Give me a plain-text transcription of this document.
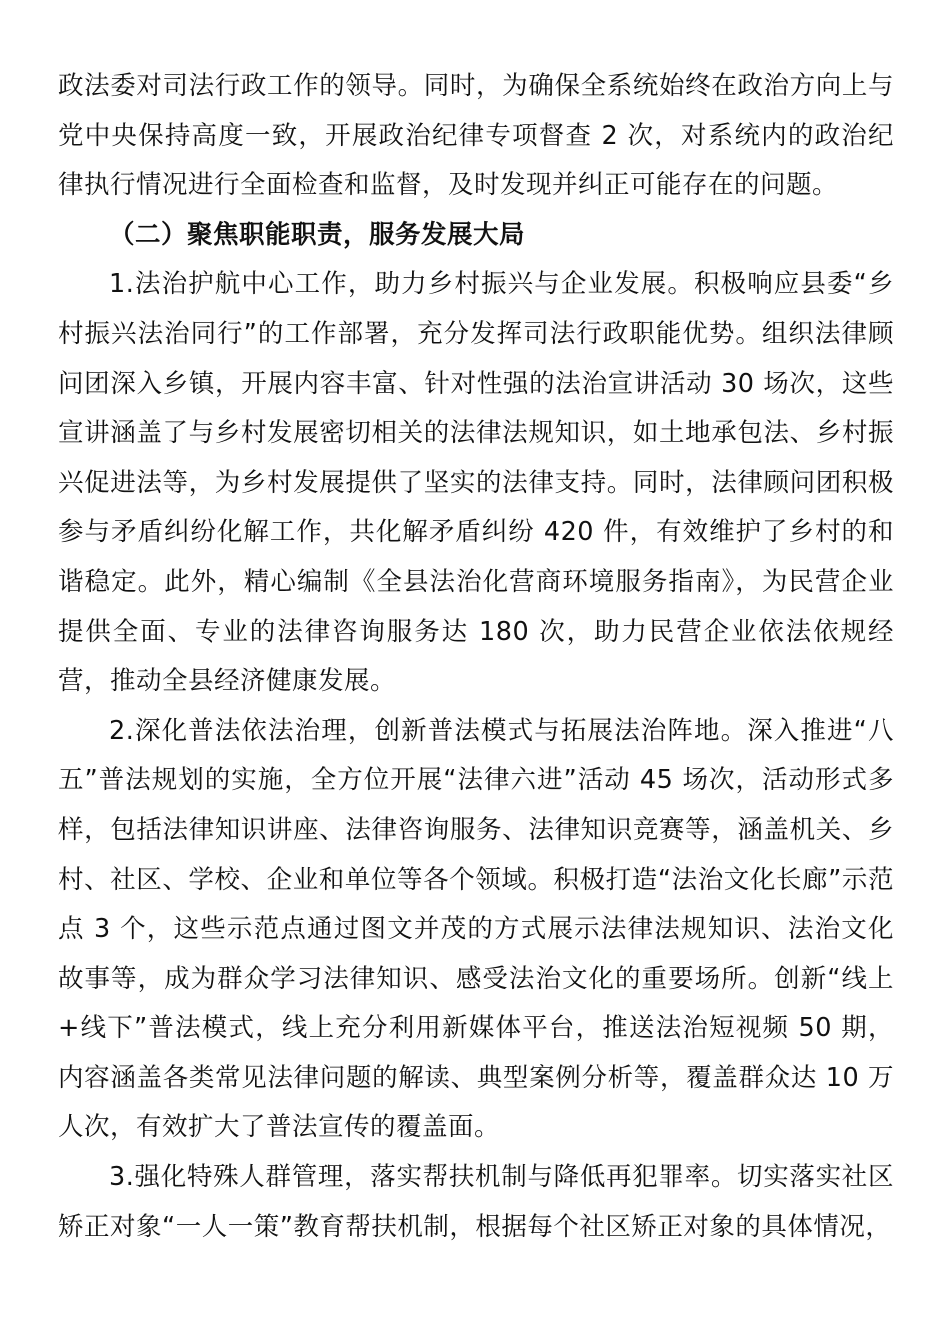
政法委对司法行政工作的领导。同时，为确保全系统始终在政治方向上与党中央保持高度一致，开展政治纪律专项督查 2 次，对系统内的政治纪律执行情况进行全面检查和监督，及时发现并纠正可能存在的问题。

（二）聚焦职能职责，服务发展大局

1.法治护航中心工作，助力乡村振兴与企业发展。积极响应县委“乡村振兴法治同行”的工作部署，充分发挥司法行政职能优势。组织法律顾问团深入乡镇，开展内容丰富、针对性强的法治宣讲活动 30 场次，这些宣讲涵盖了与乡村发展密切相关的法律法规知识，如土地承包法、乡村振兴促进法等，为乡村发展提供了坚实的法律支持。同时，法律顾问团积极参与矛盾纠纷化解工作，共化解矛盾纠纷 420 件，有效维护了乡村的和谐稳定。此外，精心编制《全县法治化营商环境服务指南》，为民营企业提供全面、专业的法律咨询服务达 180 次，助力民营企业依法依规经营，推动全县经济健康发展。

2.深化普法依法治理，创新普法模式与拓展法治阵地。深入推进“八五”普法规划的实施，全方位开展“法律六进”活动 45 场次，活动形式多样，包括法律知识讲座、法律咨询服务、法律知识竞赛等，涵盖机关、乡村、社区、学校、企业和单位等各个领域。积极打造“法治文化长廊”示范点 3 个，这些示范点通过图文并茂的方式展示法律法规知识、法治文化故事等，成为群众学习法律知识、感受法治文化的重要场所。创新“线上+线下”普法模式，线上充分利用新媒体平台，推送法治短视频 50 期，内容涵盖各类常见法律问题的解读、典型案例分析等，覆盖群众达 10 万人次，有效扩大了普法宣传的覆盖面。

3.强化特殊人群管理，落实帮扶机制与降低再犯罪率。切实落实社区矫正对象“一人一策”教育帮扶机制，根据每个社区矫正对象的具体情况，
